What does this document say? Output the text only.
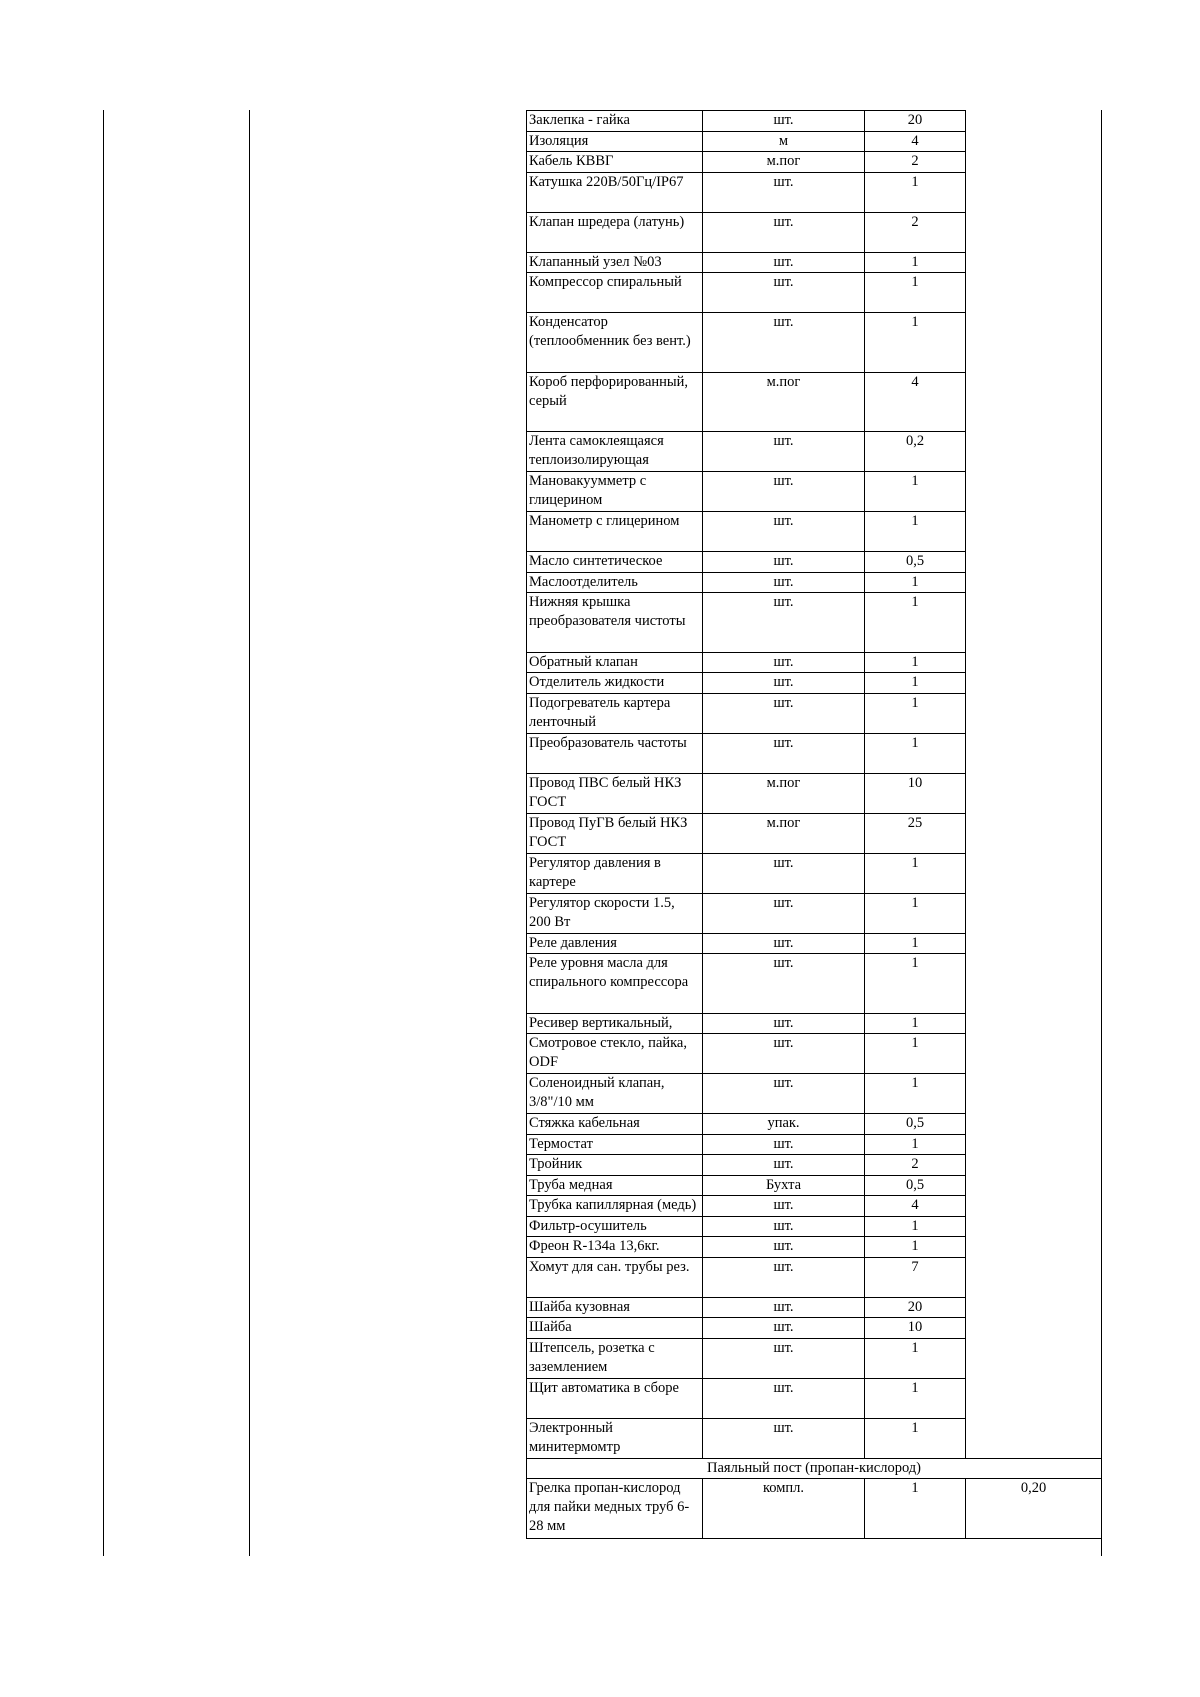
Заклепка - гайка	шт.	20	
Изоляция	м	4	
Кабель КВВГ	м.пог	2	
Катушка 220В/50Гц/IP67	шт.	1	
Клапан шредера (латунь)	шт.	2	
Клапанный узел №03	шт.	1	
Компрессор спиральный	шт.	1	
Конденсатор (теплообменник без вент.)	шт.	1	
Короб перфорированный, серый	м.пог	4	
Лента самоклеящаяся теплоизолирующая	шт.	0,2	
Мановакуумметр с глицерином	шт.	1	
Манометр с глицерином	шт.	1	
Масло синтетическое	шт.	0,5	
Маслоотделитель	шт.	1	
Нижняя крышка преобразователя чистоты	шт.	1	
Обратный клапан	шт.	1	
Отделитель жидкости	шт.	1	
Подогреватель картера ленточный	шт.	1	
Преобразователь частоты	шт.	1	
Провод ПВС белый НКЗ ГОСТ	м.пог	10	
Провод ПуГВ белый НКЗ ГОСТ	м.пог	25	
Регулятор давления в картере	шт.	1	
Регулятор скорости 1.5, 200 Вт	шт.	1	
Реле давления	шт.	1	
Реле уровня масла для спирального компрессора	шт.	1	
Ресивер вертикальный,	шт.	1	
Смотровое стекло, пайка, ODF	шт.	1	
Соленоидный клапан, 3/8"/10 мм	шт.	1	
Стяжка кабельная	упак.	0,5	
Термостат	шт.	1	
Тройник	шт.	2	
Труба медная	Бухта	0,5	
Трубка капиллярная (медь)	шт.	4	
Фильтр-осушитель	шт.	1	
Фреон R-134a 13,6кг.	шт.	1	
Хомут для сан. трубы рез.	шт.	7	
Шайба кузовная	шт.	20	
Шайба	шт.	10	
Штепсель, розетка с заземлением	шт.	1	
Щит автоматика в сборе	шт.	1	
Электронный минитермомтр	шт.	1	
Паяльный пост (пропан-кислород)			
Грелка пропан-кислород для пайки медных труб 6-28 мм	компл.	1	0,20
